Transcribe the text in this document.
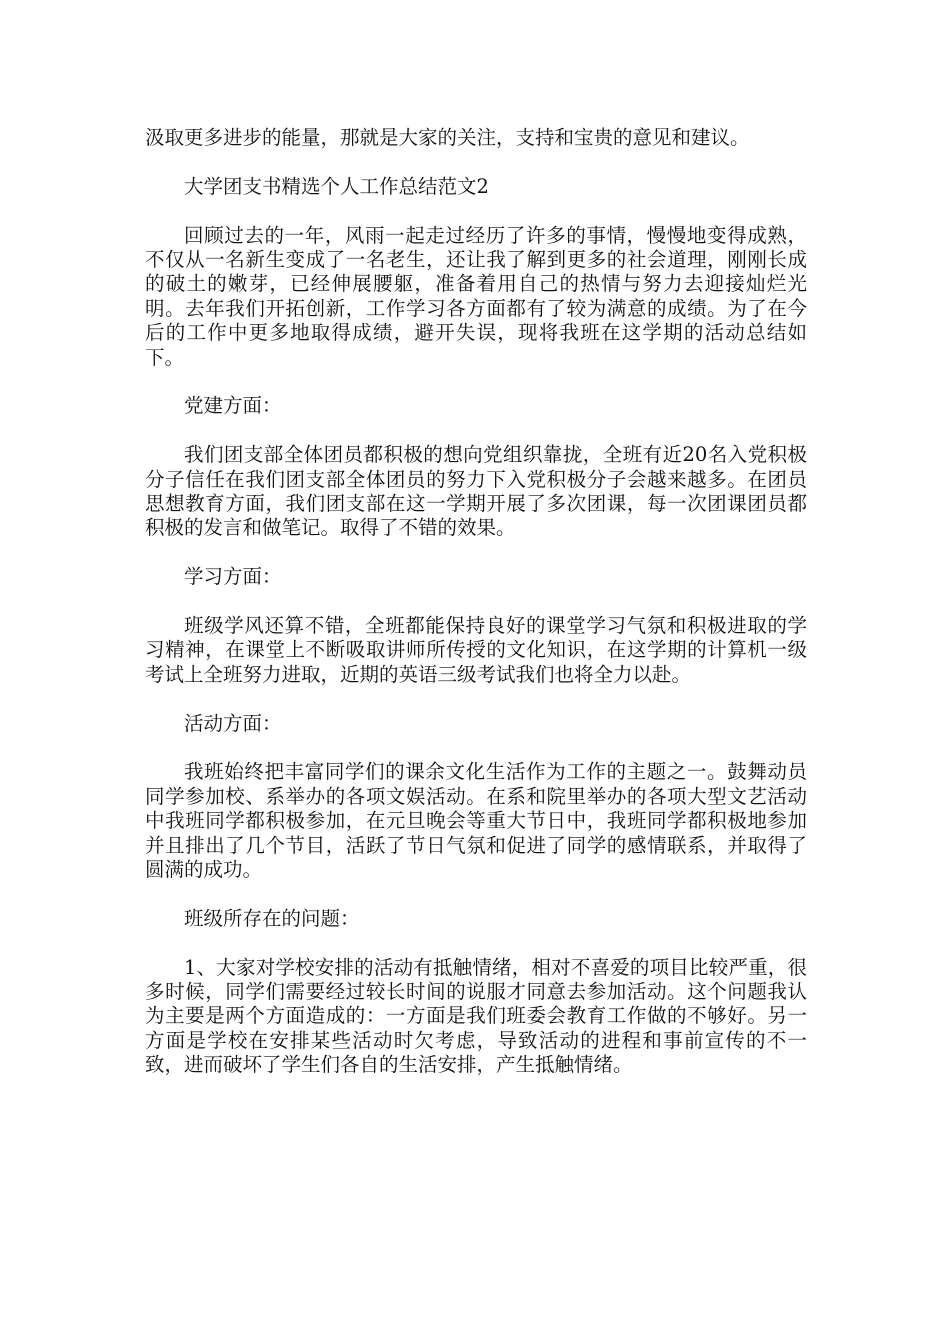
汲取更多进步的能量，那就是大家的关注，支持和宝贵的意见和建议。

大学团支书精选个人工作总结范文2

回顾过去的一年，风雨一起走过经历了许多的事情，慢慢地变得成熟，不仅从一名新生变成了一名老生，还让我了解到更多的社会道理，刚刚长成的破土的嫩芽，已经伸展腰躯，准备着用自己的热情与努力去迎接灿烂光明。去年我们开拓创新，工作学习各方面都有了较为满意的成绩。为了在今后的工作中更多地取得成绩，避开失误，现将我班在这学期的活动总结如下。

党建方面：

我们团支部全体团员都积极的想向党组织靠拢，全班有近20名入党积极分子信任在我们团支部全体团员的努力下入党积极分子会越来越多。在团员思想教育方面，我们团支部在这一学期开展了多次团课，每一次团课团员都积极的发言和做笔记。取得了不错的效果。

学习方面：

班级学风还算不错，全班都能保持良好的课堂学习气氛和积极进取的学习精神，在课堂上不断吸取讲师所传授的文化知识，在这学期的计算机一级考试上全班努力进取，近期的英语三级考试我们也将全力以赴。

活动方面：

我班始终把丰富同学们的课余文化生活作为工作的主题之一。鼓舞动员同学参加校、系举办的各项文娱活动。在系和院里举办的各项大型文艺活动中我班同学都积极参加，在元旦晚会等重大节日中，我班同学都积极地参加并且排出了几个节目，活跃了节日气氛和促进了同学的感情联系，并取得了圆满的成功。

班级所存在的问题：

1、大家对学校安排的活动有抵触情绪，相对不喜爱的项目比较严重，很多时候，同学们需要经过较长时间的说服才同意去参加活动。这个问题我认为主要是两个方面造成的：一方面是我们班委会教育工作做的不够好。另一方面是学校在安排某些活动时欠考虑，导致活动的进程和事前宣传的不一致，进而破坏了学生们各自的生活安排，产生抵触情绪。
